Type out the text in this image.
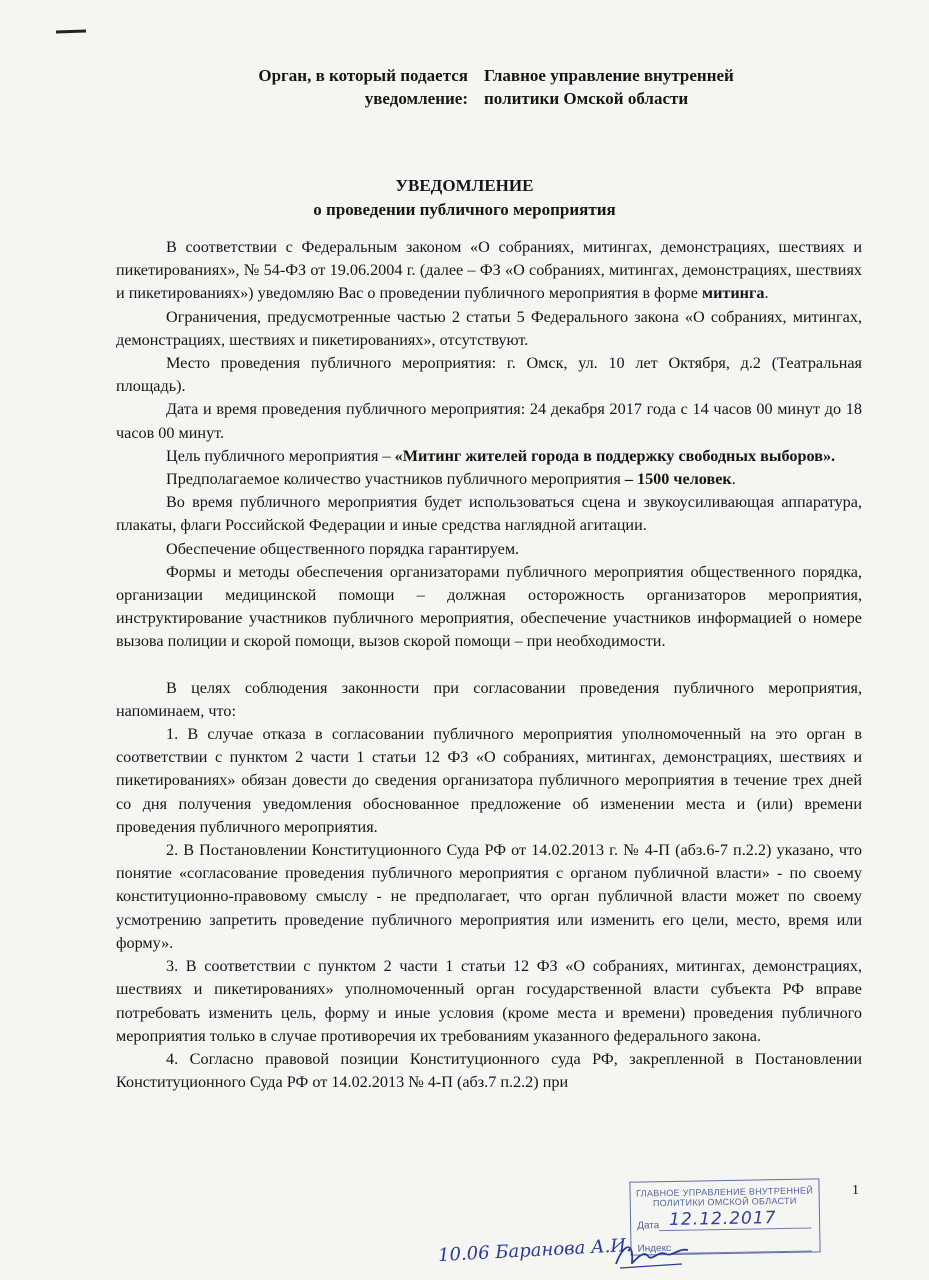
Орган, в который подается Главное управление внутренней
уведомление: политики Омской области
УВЕДОМЛЕНИЕ
о проведении публичного мероприятия

В соответствии с Федеральным законом «О собраниях, митингах, демонстрациях, шествиях и пикетированиях», № 54-ФЗ от 19.06.2004 г. (далее – ФЗ «О собраниях, митингах, демонстрациях, шествиях и пикетированиях») уведомляю Вас о проведении публичного мероприятия в форме митинга.

Ограничения, предусмотренные частью 2 статьи 5 Федерального закона «О собраниях, митингах, демонстрациях, шествиях и пикетированиях», отсутствуют.

Место проведения публичного мероприятия: г. Омск, ул. 10 лет Октября, д.2 (Театральная площадь).

Дата и время проведения публичного мероприятия: 24 декабря 2017 года с 14 часов 00 минут до 18 часов 00 минут.

Цель публичного мероприятия – «Митинг жителей города в поддержку свободных выборов».

Предполагаемое количество участников публичного мероприятия – 1500 человек.

Во время публичного мероприятия будет использоваться сцена и звукоусиливающая аппаратура, плакаты, флаги Российской Федерации и иные средства наглядной агитации.

Обеспечение общественного порядка гарантируем.

Формы и методы обеспечения организаторами публичного мероприятия общественного порядка, организации медицинской помощи – должная осторожность организаторов мероприятия, инструктирование участников публичного мероприятия, обеспечение участников информацией о номере вызова полиции и скорой помощи, вызов скорой помощи – при необходимости.

В целях соблюдения законности при согласовании проведения публичного мероприятия, напоминаем, что:

1. В случае отказа в согласовании публичного мероприятия уполномоченный на это орган в соответствии с пунктом 2 части 1 статьи 12 ФЗ «О собраниях, митингах, демонстрациях, шествиях и пикетированиях» обязан довести до сведения организатора публичного мероприятия в течение трех дней со дня получения уведомления обоснованное предложение об изменении места и (или) времени проведения публичного мероприятия.

2. В Постановлении Конституционного Суда РФ от 14.02.2013 г. № 4-П (абз.6-7 п.2.2) указано, что понятие «согласование проведения публичного мероприятия с органом публичной власти» - по своему конституционно-правовому смыслу - не предполагает, что орган публичной власти может по своему усмотрению запретить проведение публичного мероприятия или изменить его цели, место, время или форму».

3. В соответствии с пунктом 2 части 1 статьи 12 ФЗ «О собраниях, митингах, демонстрациях, шествиях и пикетированиях» уполномоченный орган государственной власти субъекта РФ вправе потребовать изменить цель, форму и иные условия (кроме места и времени) проведения публичного мероприятия только в случае противоречия их требованиям указанного федерального закона.

4. Согласно правовой позиции Конституционного суда РФ, закрепленной в Постановлении Конституционного Суда РФ от 14.02.2013 № 4-П (абз.7 п.2.2) при

1
ГЛАВНОЕ УПРАВЛЕНИЕ ВНУТРЕННЕЙ
ПОЛИТИКИ ОМСКОЙ ОБЛАСТИ
Дата 12.12.2017
Индекс
10.06 Баранова А.И.
